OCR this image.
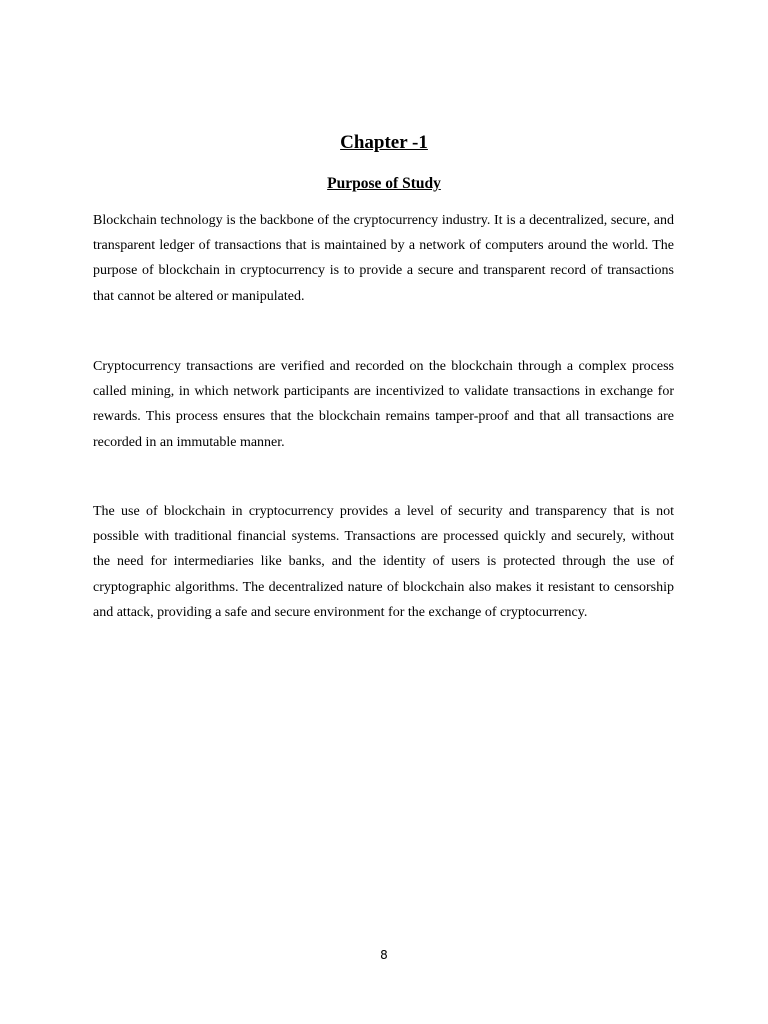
Chapter -1
Purpose of Study

Blockchain technology is the backbone of the cryptocurrency industry. It is a decentralized, secure, and transparent ledger of transactions that is maintained by a network of computers around the world. The purpose of blockchain in cryptocurrency is to provide a secure and transparent record of transactions that cannot be altered or manipulated.

Cryptocurrency transactions are verified and recorded on the blockchain through a complex process called mining, in which network participants are incentivized to validate transactions in exchange for rewards. This process ensures that the blockchain remains tamper-proof and that all transactions are recorded in an immutable manner.

The use of blockchain in cryptocurrency provides a level of security and transparency that is not possible with traditional financial systems. Transactions are processed quickly and securely, without the need for intermediaries like banks, and the identity of users is protected through the use of cryptographic algorithms. The decentralized nature of blockchain also makes it resistant to censorship and attack, providing a safe and secure environment for the exchange of cryptocurrency.

8
